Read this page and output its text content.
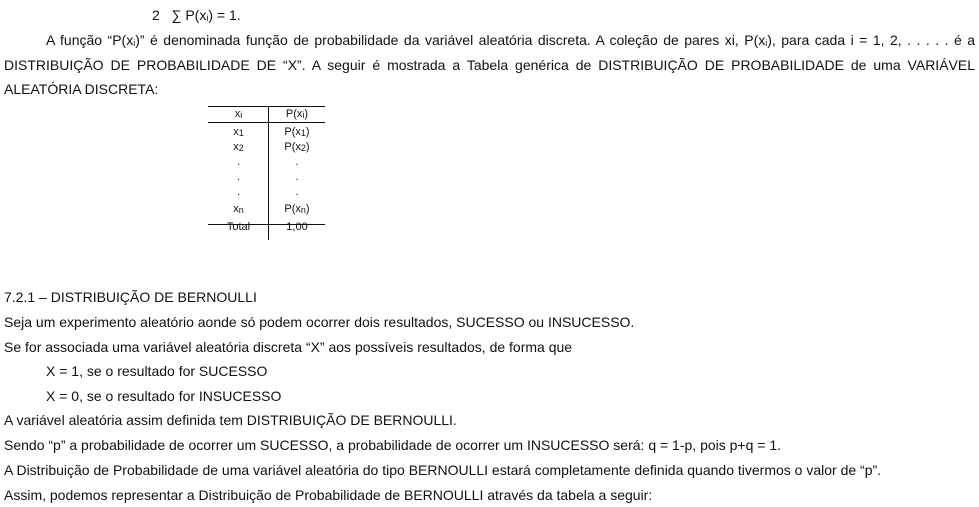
2 ∑ $P(x_i) = 1$.
A função “$P(x_i)$” é denominada função de probabilidade da variável aleatória discreta. A coleção de pares xi, $P(x_i)$, para cada i = 1, 2, . . . . . é a
DISTRIBUIÇÃO DE PROBABILIDADE DE “X”. A seguir é mostrada a Tabela genérica de DISTRIBUIÇÃO DE PROBABILIDADE de uma VARIÁVEL
ALEATÓRIA DISCRETA:
$x_i$	$P(x_i)$
$x_1$	$P(x_1)$
$x_2$	$P(x_2)$
.	.
.	.
.	.
$x_n$	$P(x_n)$
Total	1,00
7.2.1 – DISTRIBUIÇÃO DE BERNOULLI
Seja um experimento aleatório aonde só podem ocorrer dois resultados, SUCESSO ou INSUCESSO.
Se for associada uma variável aleatória discreta “X” aos possíveis resultados, de forma que
X = 1, se o resultado for SUCESSO
X = 0, se o resultado for INSUCESSO
A variável aleatória assim definida tem DISTRIBUIÇÃO DE BERNOULLI.
Sendo “p” a probabilidade de ocorrer um SUCESSO, a probabilidade de ocorrer um INSUCESSO será: q = 1-p, pois p+q = 1.
A Distribuição de Probabilidade de uma variável aleatória do tipo BERNOULLI estará completamente definida quando tivermos o valor de “p”.
Assim, podemos representar a Distribuição de Probabilidade de BERNOULLI através da tabela a seguir:
